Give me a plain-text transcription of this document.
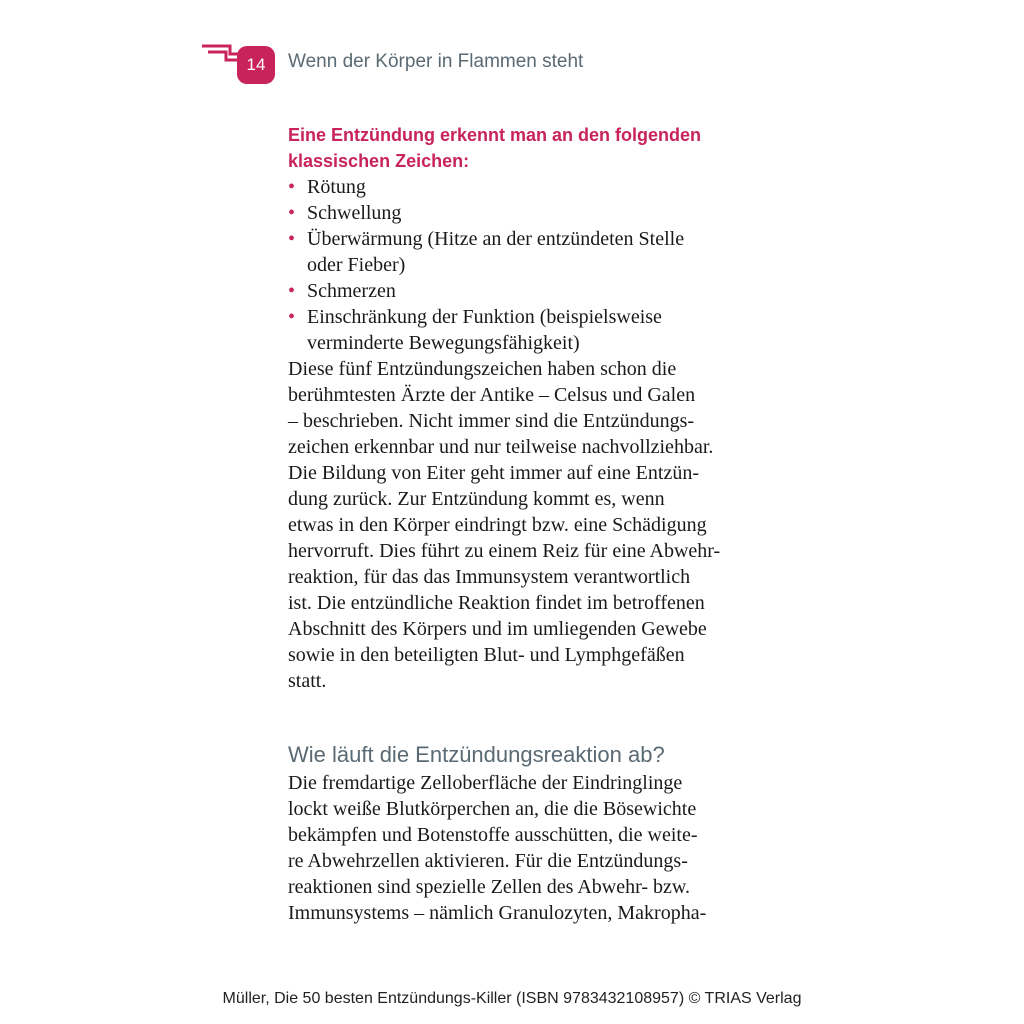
14	Wenn der Körper in Flammen steht
Eine Entzündung erkennt man an den folgenden
klassischen Zeichen:
• Rötung
• Schwellung
• Überwärmung (Hitze an der entzündeten Stelle
oder Fieber)
• Schmerzen
• Einschränkung der Funktion (beispielsweise
verminderte Bewegungsfähigkeit)

Diese fünf Entzündungszeichen haben schon die
berühmtesten Ärzte der Antike – Celsus und Galen
– beschrieben. Nicht immer sind die Entzündungs-
zeichen erkennbar und nur teilweise nachvollziehbar.
Die Bildung von Eiter geht immer auf eine Entzün-
dung zurück. Zur Entzündung kommt es, wenn
etwas in den Körper eindringt bzw. eine Schädigung
hervorruft. Dies führt zu einem Reiz für eine Abwehr-
reaktion, für das das Immunsystem verantwortlich
ist. Die entzündliche Reaktion findet im betroffenen
Abschnitt des Körpers und im umliegenden Gewebe
sowie in den beteiligten Blut- und Lymphgefäßen
statt.

Wie läuft die Entzündungsreaktion ab?

Die fremdartige Zelloberfläche der Eindringlinge
lockt weiße Blutkörperchen an, die die Bösewichte
bekämpfen und Botenstoffe ausschütten, die weite-
re Abwehrzellen aktivieren. Für die Entzündungs-
reaktionen sind spezielle Zellen des Abwehr- bzw.
Immunsystems – nämlich Granulozyten, Makropha-

Müller, Die 50 besten Entzündungs-Killer (ISBN 9783432108957) © TRIAS Verlag
